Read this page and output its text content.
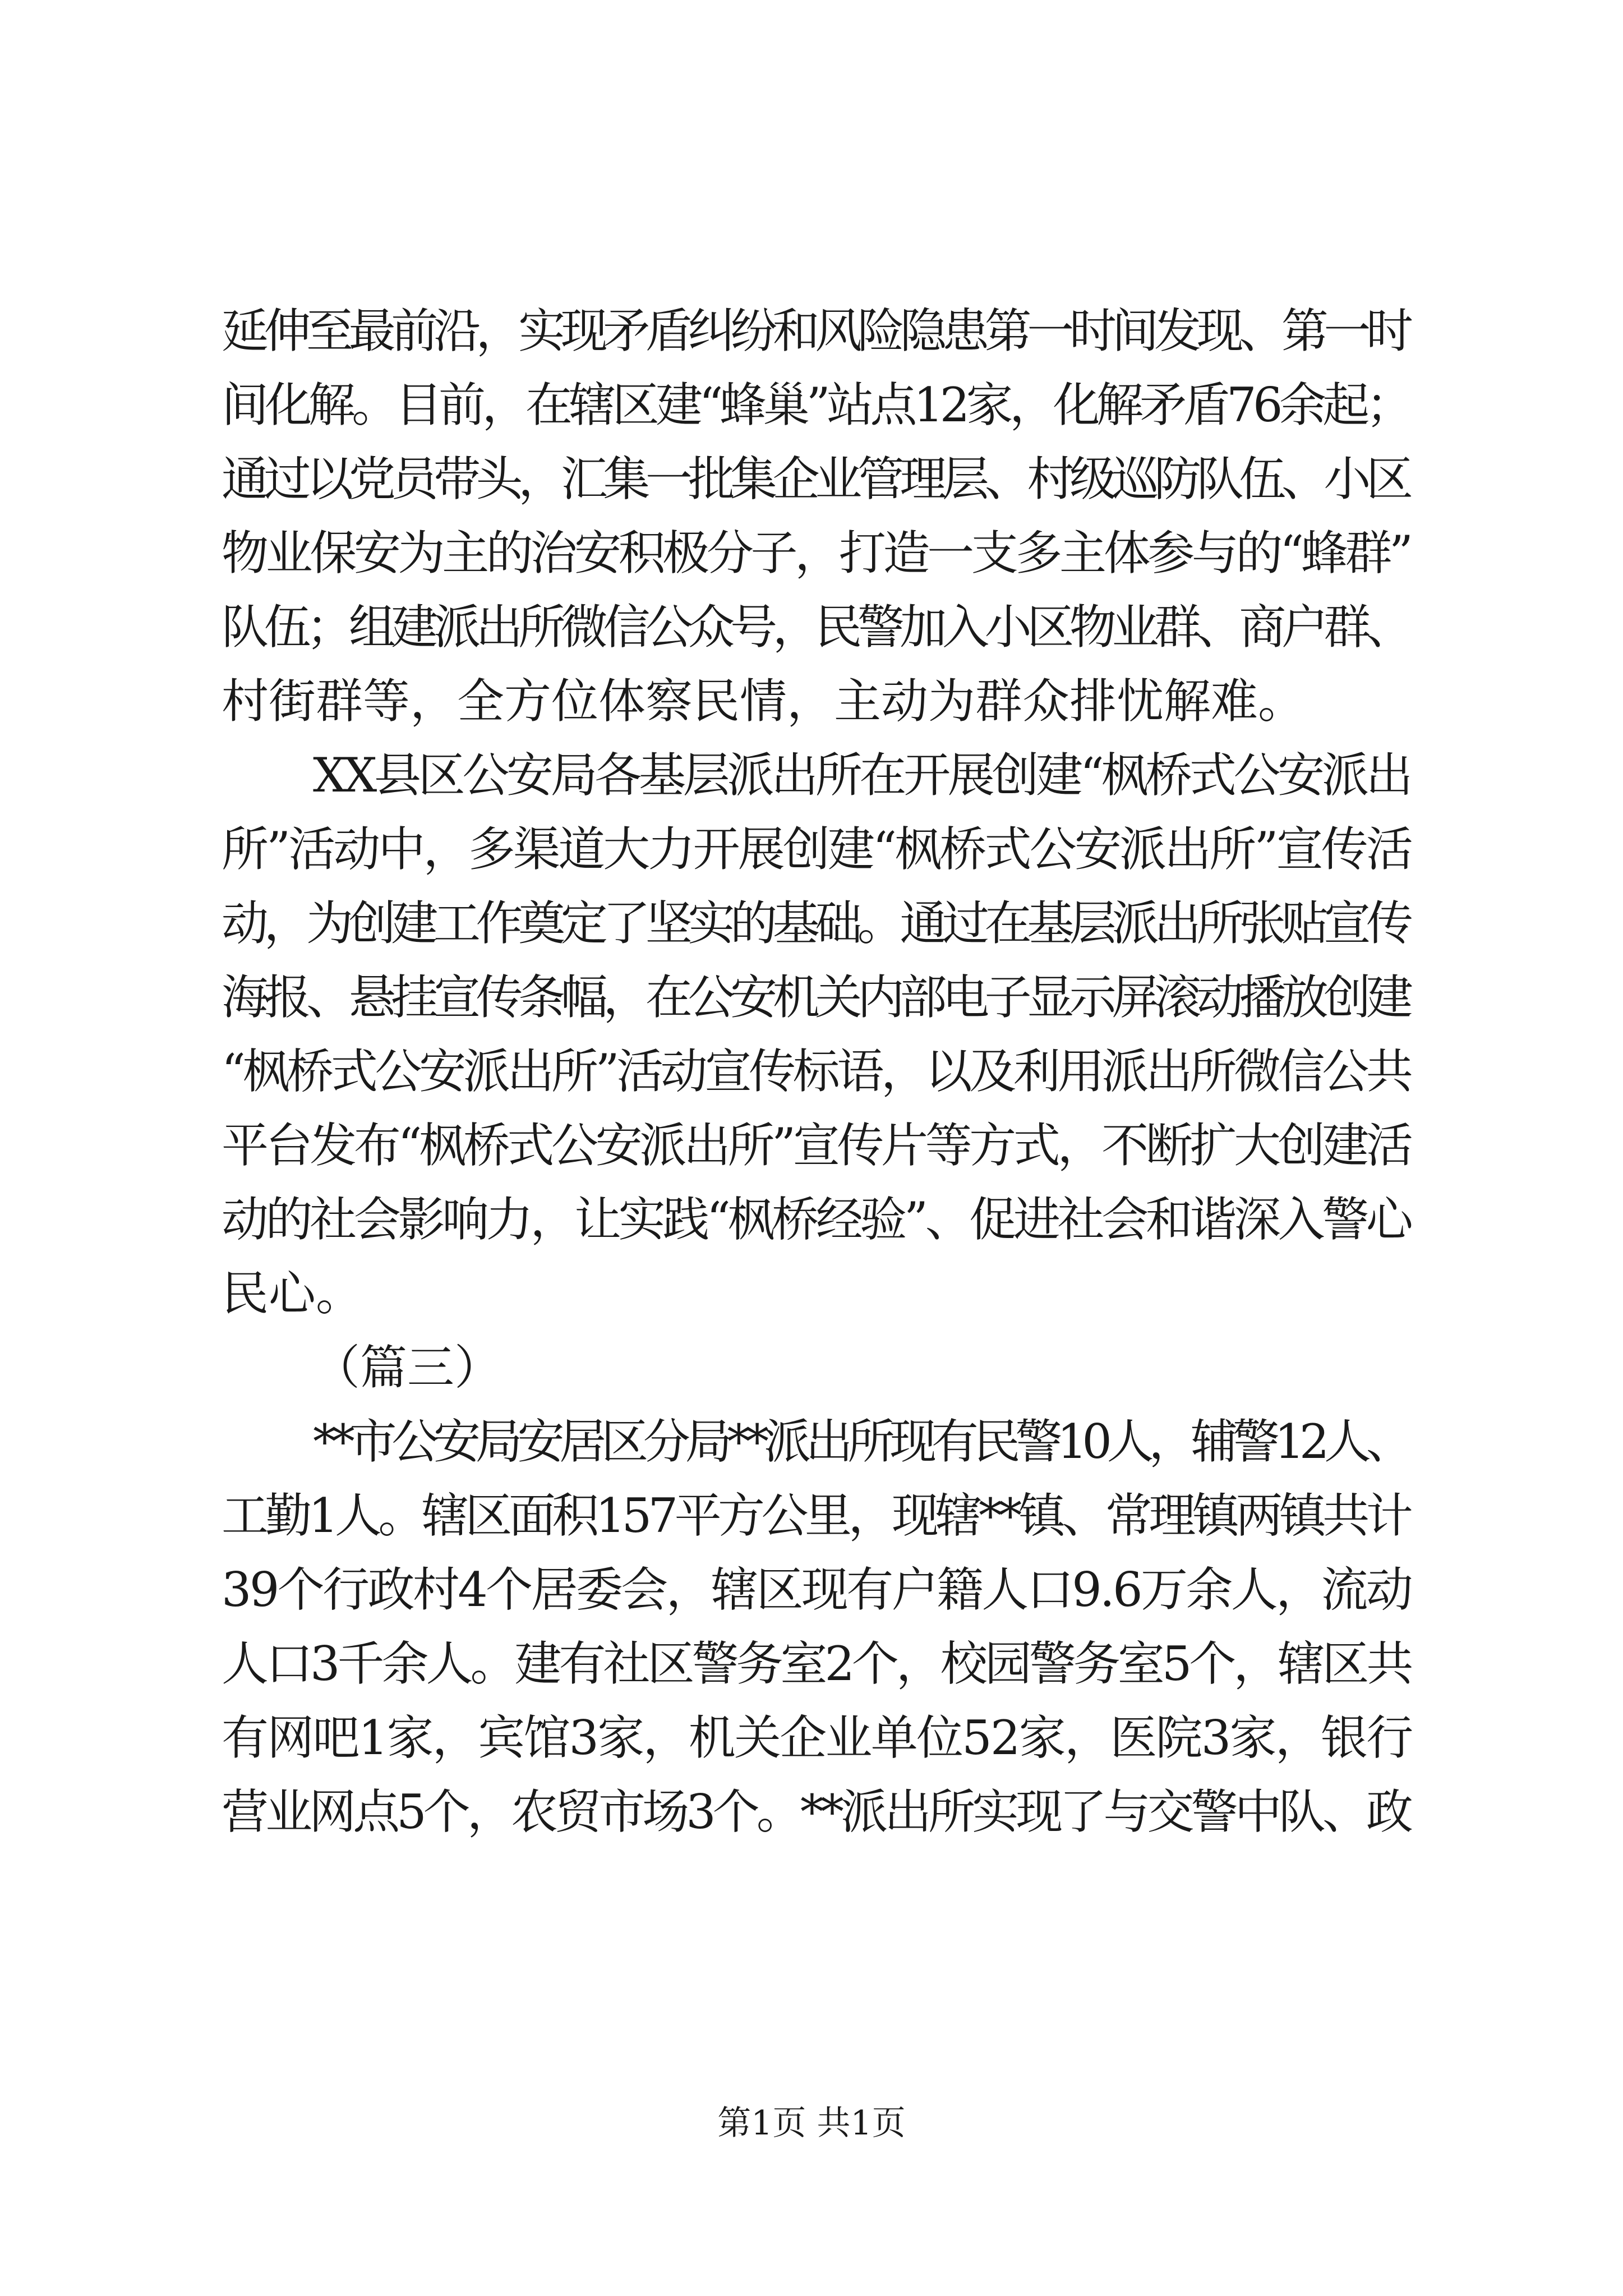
延伸至最前沿，实现矛盾纠纷和风险隐患第一时间发现、第一时
间化解。目前，在辖区建“蜂巢”站点12家，化解矛盾76余起；
通过以党员带头，汇集一批集企业管理层、村级巡防队伍、小区
物业保安为主的治安积极分子，打造一支多主体参与的“蜂群”
队伍；组建派出所微信公众号，民警加入小区物业群、商户群、
村街群等，全方位体察民情，主动为群众排忧解难。
XX县区公安局各基层派出所在开展创建“枫桥式公安派出
所”活动中，多渠道大力开展创建“枫桥式公安派出所”宣传活
动，为创建工作奠定了坚实的基础。通过在基层派出所张贴宣传
海报、悬挂宣传条幅，在公安机关内部电子显示屏滚动播放创建
“枫桥式公安派出所”活动宣传标语，以及利用派出所微信公共
平台发布“枫桥式公安派出所”宣传片等方式，不断扩大创建活
动的社会影响力，让实践“枫桥经验”、促进社会和谐深入警心
民心。
（篇三）
**市公安局安居区分局**派出所现有民警10人，辅警12人、
工勤1人。辖区面积157平方公里，现辖**镇、常理镇两镇共计
39个行政村4个居委会，辖区现有户籍人口9.6万余人，流动
人口3千余人。建有社区警务室2个，校园警务室5个，辖区共
有网吧1家，宾馆3家，机关企业单位52家，医院3家，银行
营业网点5个，农贸市场3个。**派出所实现了与交警中队、政
第1页 共1页
